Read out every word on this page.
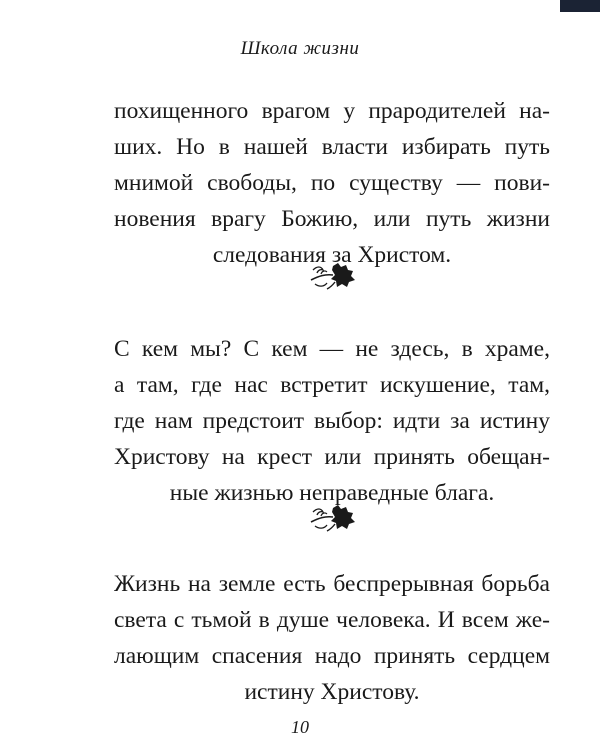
Школа жизни
похищенного врагом у прародителей на-
ших. Но в нашей власти избирать путь
мнимой свободы, по существу — пови-
новения врагу Божию, или путь жизни
следования за Христом.
С кем мы? С кем — не здесь, в храме,
а там, где нас встретит искушение, там,
где нам предстоит выбор: идти за истину
Христову на крест или принять обещан-
ные жизнью неправедные блага.
Жизнь на земле есть беспрерывная борьба
света с тьмой в душе человека. И всем же-
лающим спасения надо принять сердцем
истину Христову.
10
